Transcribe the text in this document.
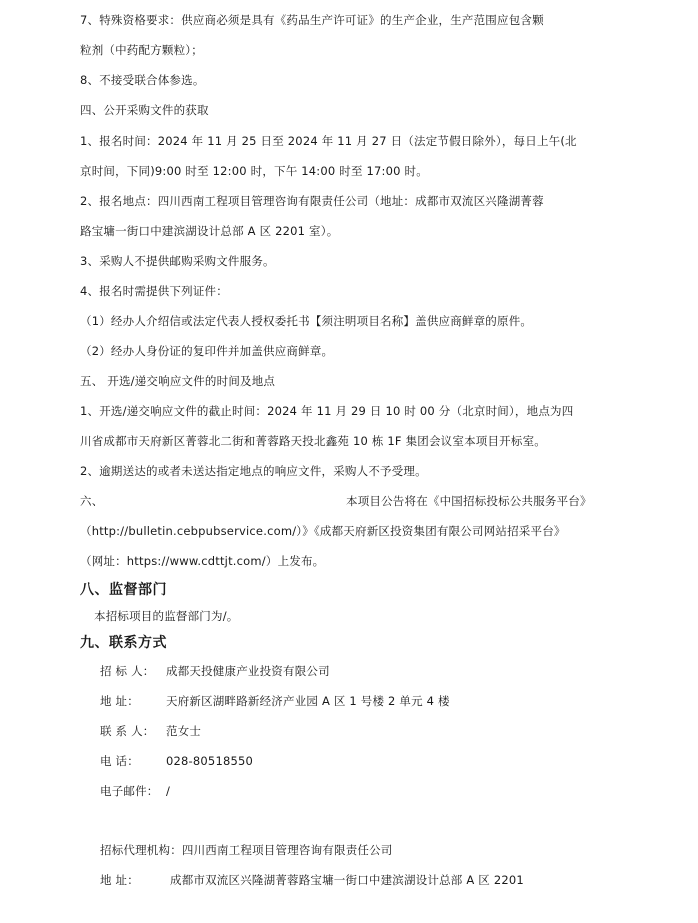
7、特殊资格要求：供应商必须是具有《药品生产许可证》的生产企业，生产范围应包含颗
粒剂（中药配方颗粒）；
8、不接受联合体参选。
四、公开采购文件的获取
1、报名时间：2024 年 11 月 25 日至 2024 年 11 月 27 日（法定节假日除外），每日上午(北
京时间，下同)9:00 时至 12:00 时，下午 14:00 时至 17:00 时。
2、报名地点：四川西南工程项目管理咨询有限责任公司（地址：成都市双流区兴隆湖菁蓉
路宝墉一街口中建滨湖设计总部 A 区 2201 室）。
3、采购人不提供邮购采购文件服务。
4、报名时需提供下列证件：
（1）经办人介绍信或法定代表人授权委托书【须注明项目名称】盖供应商鲜章的原件。
（2）经办人身份证的复印件并加盖供应商鲜章。
五、 开选/递交响应文件的时间及地点
1、开选/递交响应文件的截止时间：2024 年 11 月 29 日 10 时 00 分（北京时间），地点为四
川省成都市天府新区菁蓉北二街和菁蓉路天投北鑫苑 10 栋 1F 集团会议室本项目开标室。
2、逾期送达的或者未送达指定地点的响应文件，采购人不予受理。
六、	本项目公告将在《中国招标投标公共服务平台》
（http://bulletin.cebpubservice.com/）》《成都天府新区投资集团有限公司网站招采平台》
（网址：https://www.cdttjt.com/）上发布。
八、监督部门
本招标项目的监督部门为/。
九、联系方式
招 标 人： 成都天投健康产业投资有限公司
地 址： 天府新区湖畔路新经济产业园 A 区 1 号楼 2 单元 4 楼
联 系 人： 范女士
电 话： 028-80518550
电子邮件： /
招标代理机构：四川西南工程项目管理咨询有限责任公司
地 址：	成都市双流区兴隆湖菁蓉路宝墉一街口中建滨湖设计总部 A 区 2201
